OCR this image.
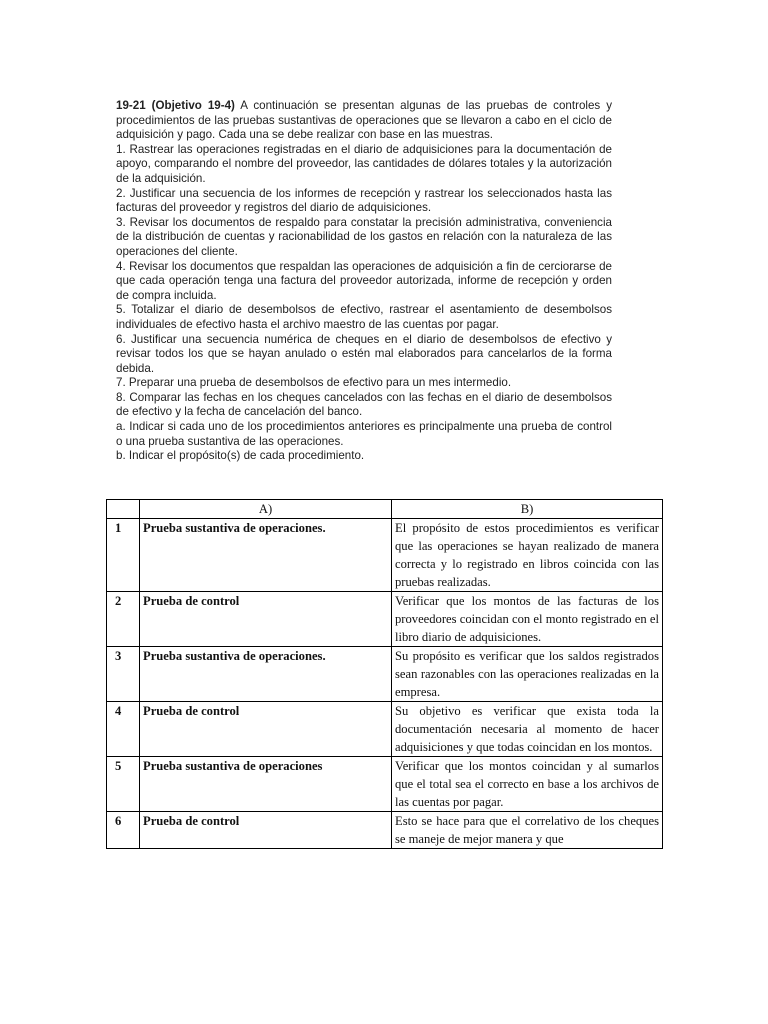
19-21 (Objetivo 19-4) A continuación se presentan algunas de las pruebas de controles y procedimientos de las pruebas sustantivas de operaciones que se llevaron a cabo en el ciclo de adquisición y pago. Cada una se debe realizar con base en las muestras.

1. Rastrear las operaciones registradas en el diario de adquisiciones para la documentación de apoyo, comparando el nombre del proveedor, las cantidades de dólares totales y la autorización de la adquisición.

2. Justificar una secuencia de los informes de recepción y rastrear los seleccionados hasta las facturas del proveedor y registros del diario de adquisiciones.

3. Revisar los documentos de respaldo para constatar la precisión administrativa, conveniencia de la distribución de cuentas y racionabilidad de los gastos en relación con la naturaleza de las operaciones del cliente.

4. Revisar los documentos que respaldan las operaciones de adquisición a fin de cerciorarse de que cada operación tenga una factura del proveedor autorizada, informe de recepción y orden de compra incluida.

5. Totalizar el diario de desembolsos de efectivo, rastrear el asentamiento de desembolsos individuales de efectivo hasta el archivo maestro de las cuentas por pagar.

6. Justificar una secuencia numérica de cheques en el diario de desembolsos de efectivo y revisar todos los que se hayan anulado o estén mal elaborados para cancelarlos de la forma debida.

7. Preparar una prueba de desembolsos de efectivo para un mes intermedio.

8. Comparar las fechas en los cheques cancelados con las fechas en el diario de desembolsos de efectivo y la fecha de cancelación del banco.

a. Indicar si cada uno de los procedimientos anteriores es principalmente una prueba de control o una prueba sustantiva de las operaciones.

b. Indicar el propósito(s) de cada procedimiento.

	A)	B)
1	Prueba sustantiva de operaciones.	El propósito de estos procedimientos es verificar que las operaciones se hayan realizado de manera correcta y lo registrado en libros coincida con las pruebas realizadas.
2	Prueba de control	Verificar que los montos de las facturas de los proveedores coincidan con el monto registrado en el libro diario de adquisiciones.
3	Prueba sustantiva de operaciones.	Su propósito es verificar que los saldos registrados sean razonables con las operaciones realizadas en la empresa.
4	Prueba de control	Su objetivo es verificar que exista toda la documentación necesaria al momento de hacer adquisiciones y que todas coincidan en los montos.
5	Prueba sustantiva de operaciones	Verificar que los montos coincidan y al sumarlos que el total sea el correcto en base a los archivos de las cuentas por pagar.
6	Prueba de control	Esto se hace para que el correlativo de los cheques se maneje de mejor manera y que
